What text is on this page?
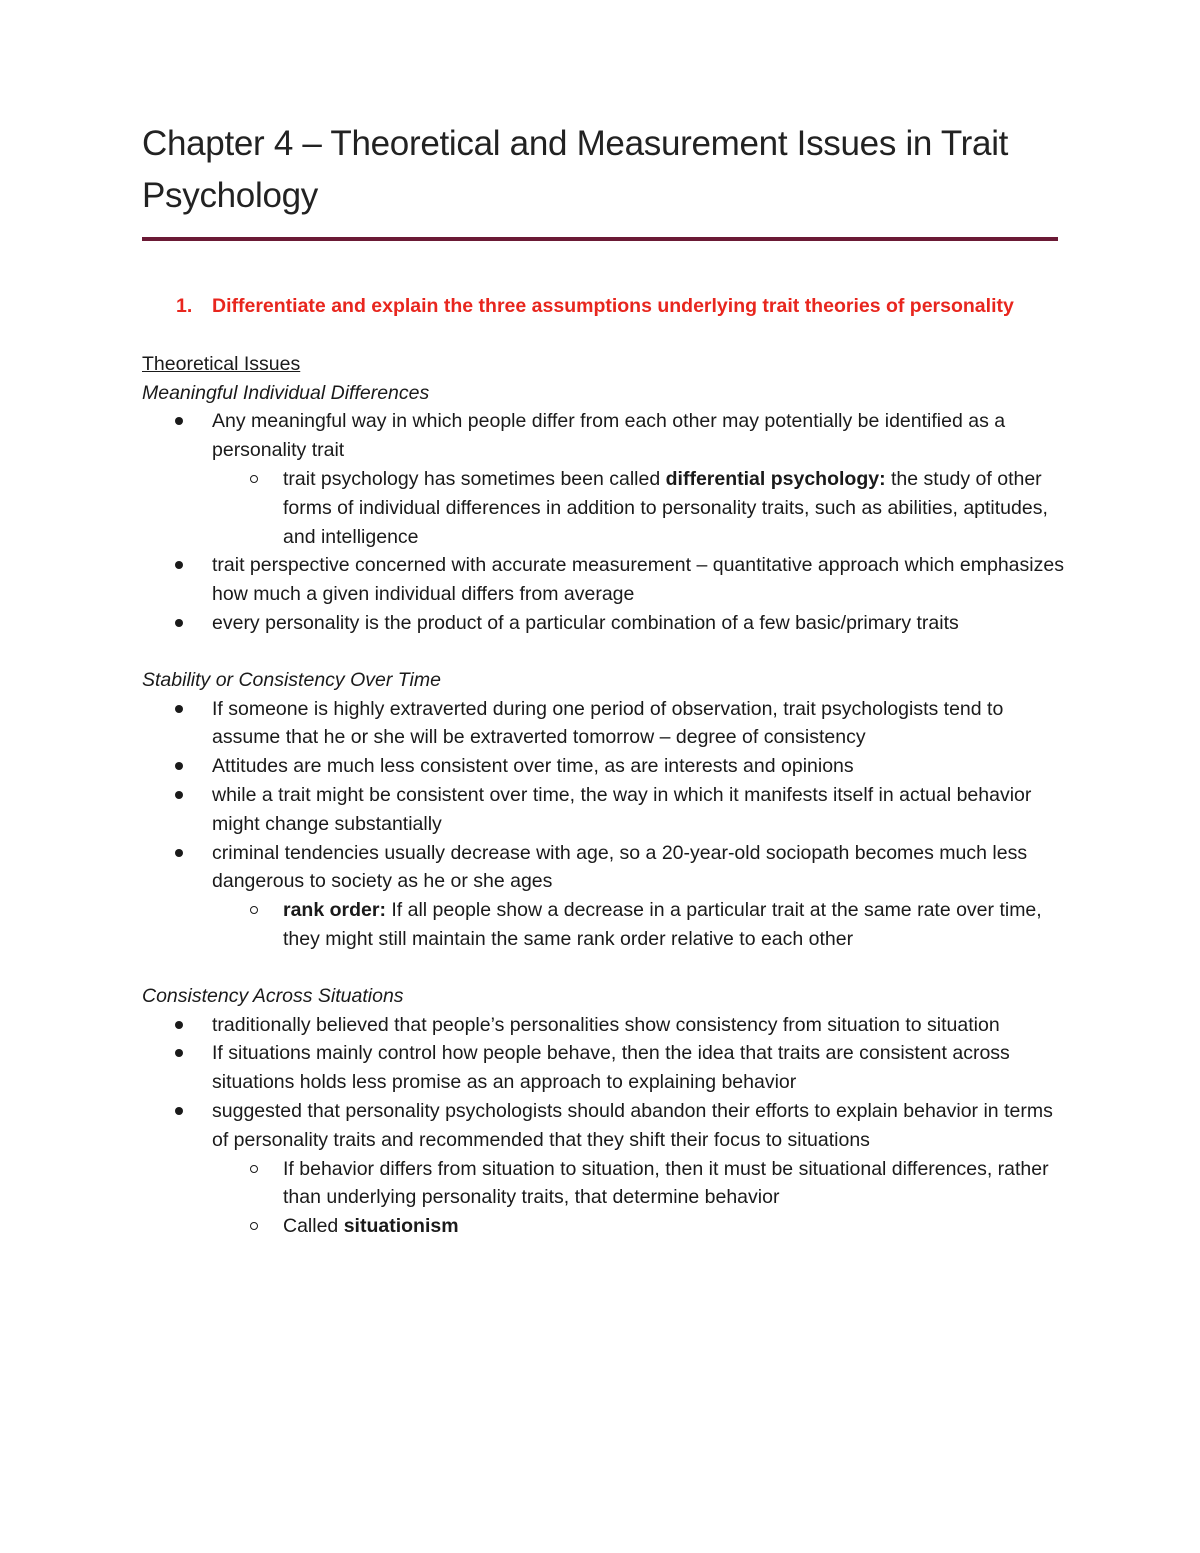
Chapter 4 – Theoretical and Measurement Issues in Trait Psychology
1. Differentiate and explain the three assumptions underlying trait theories of personality
Theoretical Issues
Meaningful Individual Differences
Any meaningful way in which people differ from each other may potentially be identified as a personality trait
trait psychology has sometimes been called differential psychology: the study of other forms of individual differences in addition to personality traits, such as abilities, aptitudes, and intelligence
trait perspective concerned with accurate measurement – quantitative approach which emphasizes how much a given individual differs from average
every personality is the product of a particular combination of a few basic/primary traits
Stability or Consistency Over Time
If someone is highly extraverted during one period of observation, trait psychologists tend to assume that he or she will be extraverted tomorrow – degree of consistency
Attitudes are much less consistent over time, as are interests and opinions
while a trait might be consistent over time, the way in which it manifests itself in actual behavior might change substantially
criminal tendencies usually decrease with age, so a 20-year-old sociopath becomes much less dangerous to society as he or she ages
rank order: If all people show a decrease in a particular trait at the same rate over time, they might still maintain the same rank order relative to each other
Consistency Across Situations
traditionally believed that people’s personalities show consistency from situation to situation
If situations mainly control how people behave, then the idea that traits are consistent across situations holds less promise as an approach to explaining behavior
suggested that personality psychologists should abandon their efforts to explain behavior in terms of personality traits and recommended that they shift their focus to situations
If behavior differs from situation to situation, then it must be situational differences, rather than underlying personality traits, that determine behavior
Called situationism
